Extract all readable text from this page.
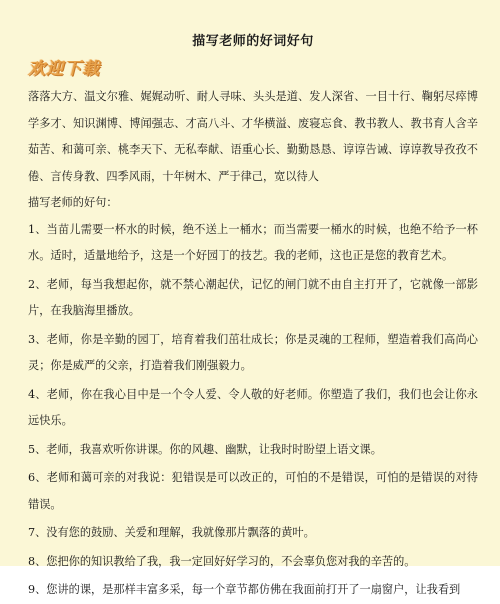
描写老师的好词好句
欢迎下载

落落大方、温文尔雅、娓娓动听、耐人寻味、头头是道、发人深省、一目十行、鞠躬尽瘁博学多才、知识渊博、博闻强志、才高八斗、才华横溢、废寝忘食、教书教人、教书育人含辛茹苦、和蔼可亲、桃李天下、无私奉献、语重心长、勤勤恳恳、谆谆告诫、谆谆教导孜孜不倦、言传身教、四季风雨，十年树木、严于律己，宽以待人

描写老师的好句：

1、当苗儿需要一杯水的时候，绝不送上一桶水；而当需要一桶水的时候，也绝不给予一杯水。适时，适量地给予，这是一个好园丁的技艺。我的老师，这也正是您的教育艺术。

2、老师，每当我想起你，就不禁心潮起伏，记忆的闸门就不由自主打开了，它就像一部影片，在我脑海里播放。

3、老师，你是辛勤的园丁，培育着我们茁壮成长；你是灵魂的工程师，塑造着我们高尚心灵；你是威严的父亲，打造着我们刚强毅力。

4、老师，你在我心目中是一个令人爱、令人敬的好老师。你塑造了我们，我们也会让你永远快乐。

5、老师，我喜欢听你讲课。你的风趣、幽默，让我时时盼望上语文课。

6、老师和蔼可亲的对我说：犯错误是可以改正的，可怕的不是错误，可怕的是错误的对待错误。

7、没有您的鼓励、关爱和理解，我就像那片飘落的黄叶。

8、您把你的知识教给了我，我一定回好好学习的，不会辜负您对我的辛苦的。

9、您讲的课，是那样丰富多采，每一个章节都仿佛在我面前打开了一扇窗户，让我看到
